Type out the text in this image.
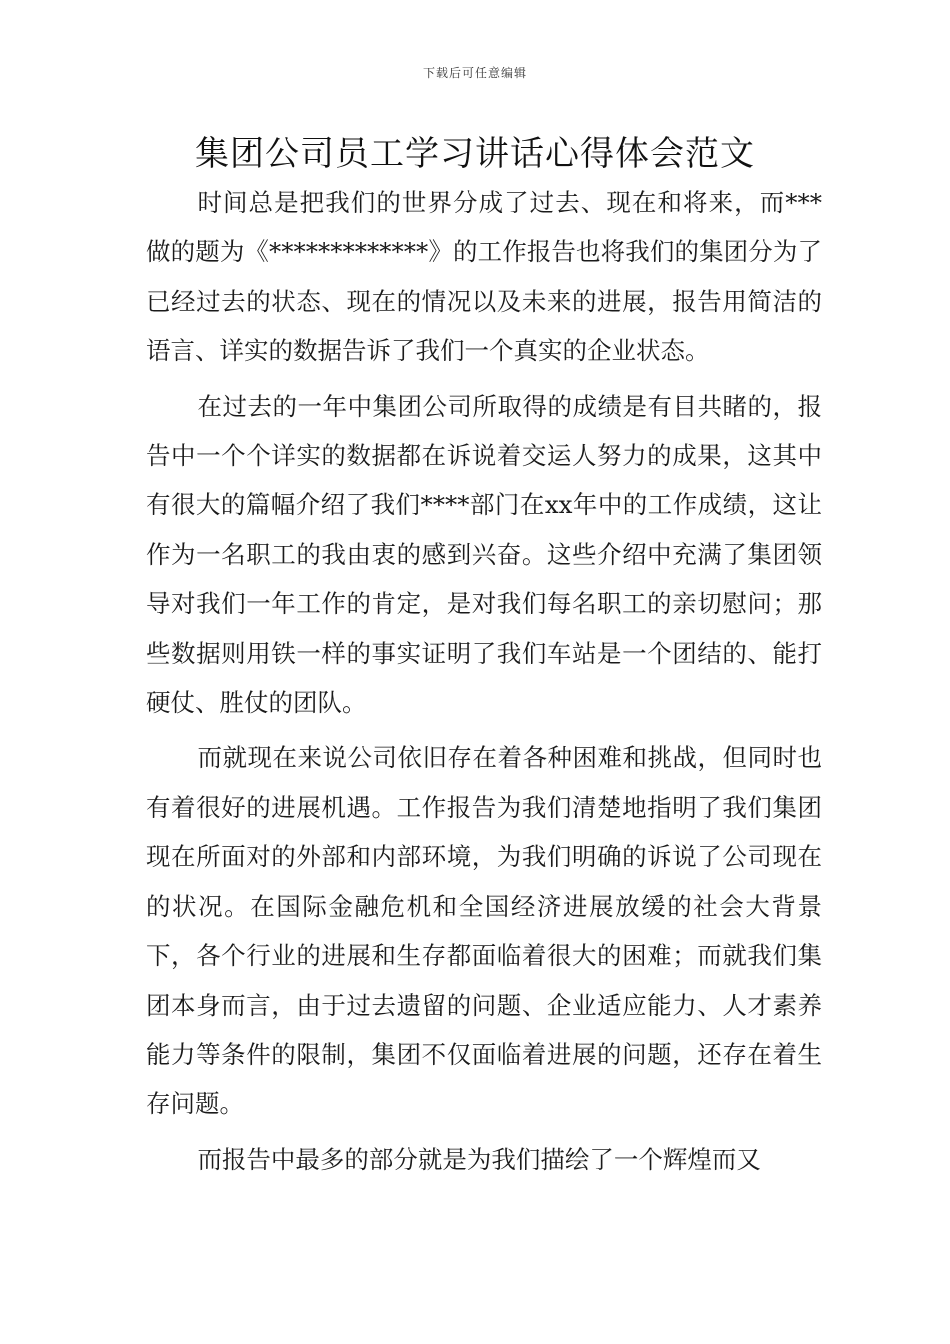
下载后可任意编辑
集团公司员工学习讲话心得体会范文

时间总是把我们的世界分成了过去、现在和将来，而***做的题为《*************》的工作报告也将我们的集团分为了已经过去的状态、现在的情况以及未来的进展，报告用简洁的语言、详实的数据告诉了我们一个真实的企业状态。

在过去的一年中集团公司所取得的成绩是有目共睹的，报告中一个个详实的数据都在诉说着交运人努力的成果，这其中有很大的篇幅介绍了我们****部门在xx年中的工作成绩，这让作为一名职工的我由衷的感到兴奋。这些介绍中充满了集团领导对我们一年工作的肯定，是对我们每名职工的亲切慰问；那些数据则用铁一样的事实证明了我们车站是一个团结的、能打硬仗、胜仗的团队。

而就现在来说公司依旧存在着各种困难和挑战，但同时也有着很好的进展机遇。工作报告为我们清楚地指明了我们集团现在所面对的外部和内部环境，为我们明确的诉说了公司现在的状况。在国际金融危机和全国经济进展放缓的社会大背景下，各个行业的进展和生存都面临着很大的困难；而就我们集团本身而言，由于过去遗留的问题、企业适应能力、人才素养能力等条件的限制，集团不仅面临着进展的问题，还存在着生存问题。

而报告中最多的部分就是为我们描绘了一个辉煌而又
